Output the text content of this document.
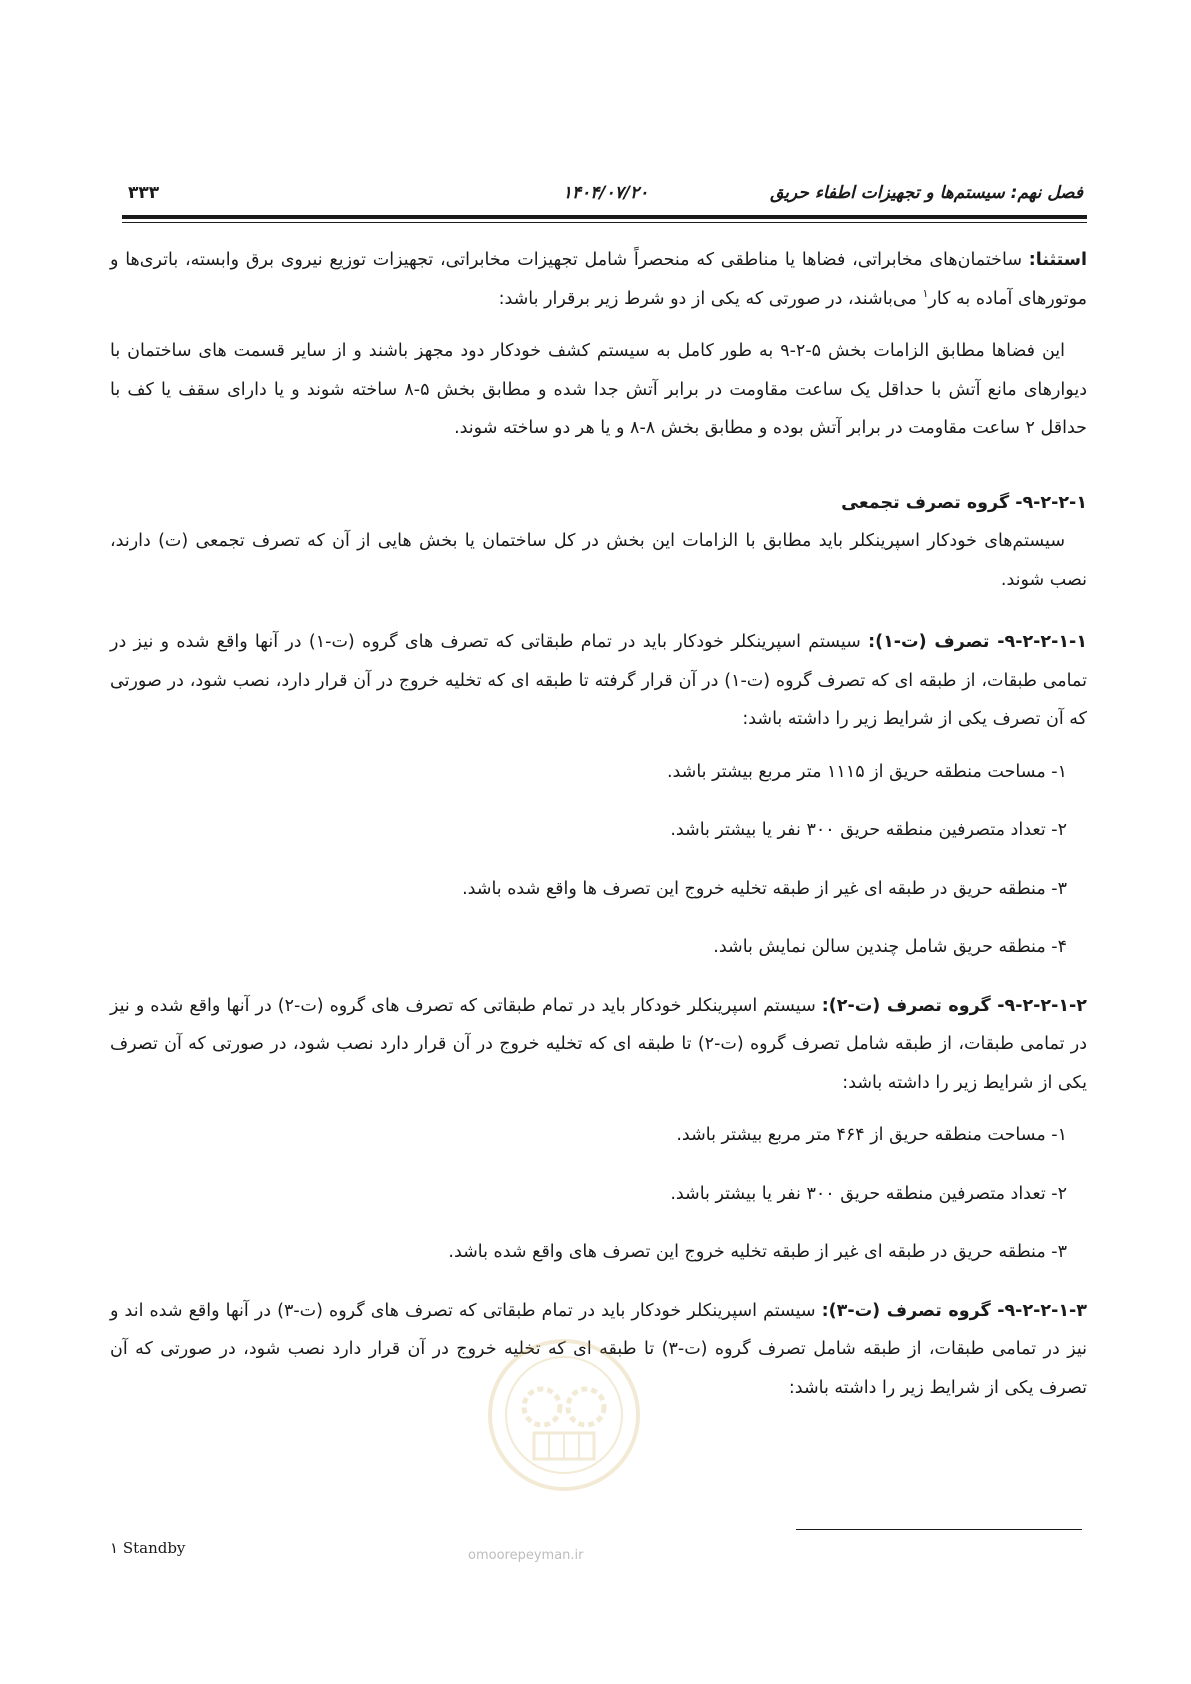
فصل نهم: سیستم‌ها و تجهیزات اطفاء حریق
۱۴۰۴/۰۷/۲۰
۳۳۳

استثنا: ساختمان‌های مخابراتی، فضاها یا مناطقی که منحصراً شامل تجهیزات مخابراتی، تجهیزات توزیع نیروی برق وابسته، باتری‌ها و موتورهای آماده به کار$^۱$ می‌باشند، در صورتی که یکی از دو شرط زیر برقرار باشد:

این فضاها مطابق الزامات بخش ۵-۲-۹ به طور کامل به سیستم کشف خودکار دود مجهز باشند و از سایر قسمت های ساختمان با دیوارهای مانع آتش با حداقل یک ساعت مقاومت در برابر آتش جدا شده و مطابق بخش ۵-۸ ساخته شوند و یا دارای سقف یا کف با حداقل ۲ ساعت مقاومت در برابر آتش بوده و مطابق بخش ۸-۸ و یا هر دو ساخته شوند.

۹-۲-۲-۱- گروه تصرف تجمعی

سیستم‌های خودکار اسپرینکلر باید مطابق با الزامات این بخش در کل ساختمان یا بخش هایی از آن که تصرف تجمعی (ت) دارند، نصب شوند.

۹-۲-۲-۱-۱- تصرف (ت-۱): سیستم اسپرینکلر خودکار باید در تمام طبقاتی که تصرف های گروه (ت-۱) در آنها واقع شده و نیز در تمامی طبقات، از طبقه ای که تصرف گروه (ت-۱) در آن قرار گرفته تا طبقه ای که تخلیه خروج در آن قرار دارد، نصب شود، در صورتی که آن تصرف یکی از شرایط زیر را داشته باشد:

۱- مساحت منطقه حریق از ۱۱۱۵ متر مربع بیشتر باشد.

۲- تعداد متصرفین منطقه حریق ۳۰۰ نفر یا بیشتر باشد.

۳- منطقه حریق در طبقه ای غیر از طبقه تخلیه خروج این تصرف ها واقع شده باشد.

۴- منطقه حریق شامل چندین سالن نمایش باشد.

۹-۲-۲-۱-۲- گروه تصرف (ت-۲): سیستم اسپرینکلر خودکار باید در تمام طبقاتی که تصرف های گروه (ت-۲) در آنها واقع شده و نیز در تمامی طبقات، از طبقه شامل تصرف گروه (ت-۲) تا طبقه ای که تخلیه خروج در آن قرار دارد نصب شود، در صورتی که آن تصرف یکی از شرایط زیر را داشته باشد:

۱- مساحت منطقه حریق از ۴۶۴ متر مربع بیشتر باشد.

۲- تعداد متصرفین منطقه حریق ۳۰۰ نفر یا بیشتر باشد.

۳- منطقه حریق در طبقه ای غیر از طبقه تخلیه خروج این تصرف های واقع شده باشد.

۹-۲-۲-۱-۳- گروه تصرف (ت-۳): سیستم اسپرینکلر خودکار باید در تمام طبقاتی که تصرف های گروه (ت-۳) در آنها واقع شده اند و نیز در تمامی طبقات، از طبقه شامل تصرف گروه (ت-۳) تا طبقه ای که تخلیه خروج در آن قرار دارد نصب شود، در صورتی که آن تصرف یکی از شرایط زیر را داشته باشد:

omoorepeyman.ir
۱ Standby
